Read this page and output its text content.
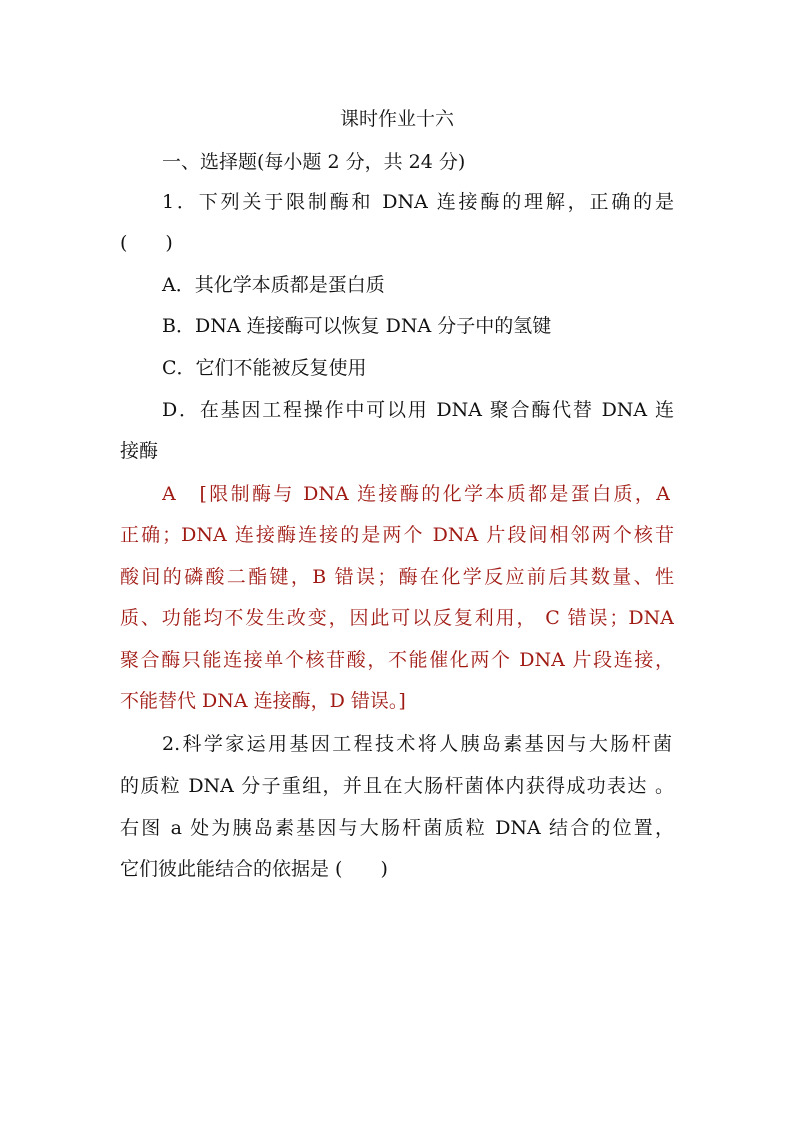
课时作业十六
一、选择题(每小题 2 分，共 24 分)
1．下列关于限制酶和 DNA 连接酶的理解，正确的是
(　　)
A．其化学本质都是蛋白质
B．DNA 连接酶可以恢复 DNA 分子中的氢键
C．它们不能被反复使用
D．在基因工程操作中可以用 DNA 聚合酶代替 DNA 连
接酶
A　[限制酶与 DNA 连接酶的化学本质都是蛋白质，A
正确；DNA 连接酶连接的是两个 DNA 片段间相邻两个核苷
酸间的磷酸二酯键，B 错误；酶在化学反应前后其数量、性
质、功能均不发生改变，因此可以反复利用， C 错误；DNA
聚合酶只能连接单个核苷酸，不能催化两个 DNA 片段连接，
不能替代 DNA 连接酶，D 错误。]
2.科学家运用基因工程技术将人胰岛素基因与大肠杆菌
的质粒 DNA 分子重组，并且在大肠杆菌体内获得成功表达 。
右图 a 处为胰岛素基因与大肠杆菌质粒 DNA 结合的位置，
它们彼此能结合的依据是 (　　)
